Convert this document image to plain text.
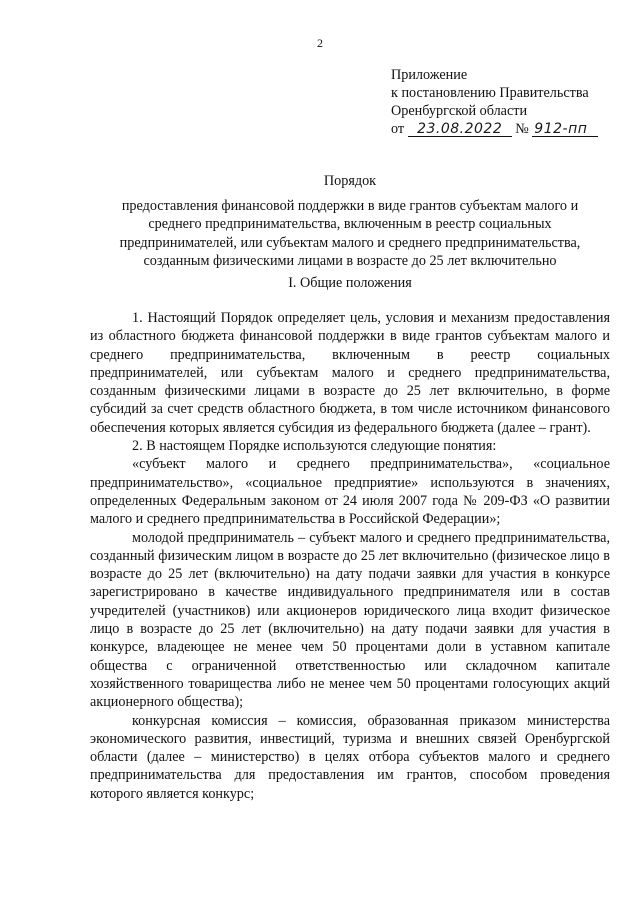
2
Приложение
к постановлению Правительства
Оренбургской области
от 23.08.2022 № 912-пп
Порядок
предоставления финансовой поддержки в виде грантов субъектам малого и
среднего предпринимательства, включенным в реестр социальных
предпринимателей, или субъектам малого и среднего предпринимательства,
созданным физическими лицами в возрасте до 25 лет включительно
I. Общие положения

1. Настоящий Порядок определяет цель, условия и механизм предоставления из областного бюджета финансовой поддержки в виде грантов субъектам малого и среднего предпринимательства, включенным в реестр социальных предпринимателей, или субъектам малого и среднего предпринимательства, созданным физическими лицами в возрасте до 25 лет включительно, в форме субсидий за счет средств областного бюджета, в том числе источником финансового обеспечения которых является субсидия из федерального бюджета (далее – грант).

2. В настоящем Порядке используются следующие понятия:

«субъект малого и среднего предпринимательства», «социальное предпринимательство», «социальное предприятие» используются в значениях, определенных Федеральным законом от 24 июля 2007 года № 209-ФЗ «О развитии малого и среднего предпринимательства в Российской Федерации»;

молодой предприниматель – субъект малого и среднего предпринимательства, созданный физическим лицом в возрасте до 25 лет включительно (физическое лицо в возрасте до 25 лет (включительно) на дату подачи заявки для участия в конкурсе зарегистрировано в качестве индивидуального предпринимателя или в состав учредителей (участников) или акционеров юридического лица входит физическое лицо в возрасте до 25 лет (включительно) на дату подачи заявки для участия в конкурсе, владеющее не менее чем 50 процентами доли в уставном капитале общества с ограниченной ответственностью или складочном капитале хозяйственного товарищества либо не менее чем 50 процентами голосующих акций акционерного общества);

конкурсная комиссия – комиссия, образованная приказом министерства экономического развития, инвестиций, туризма и внешних связей Оренбургской области (далее – министерство) в целях отбора субъектов малого и среднего предпринимательства для предоставления им грантов, способом проведения которого является конкурс;
